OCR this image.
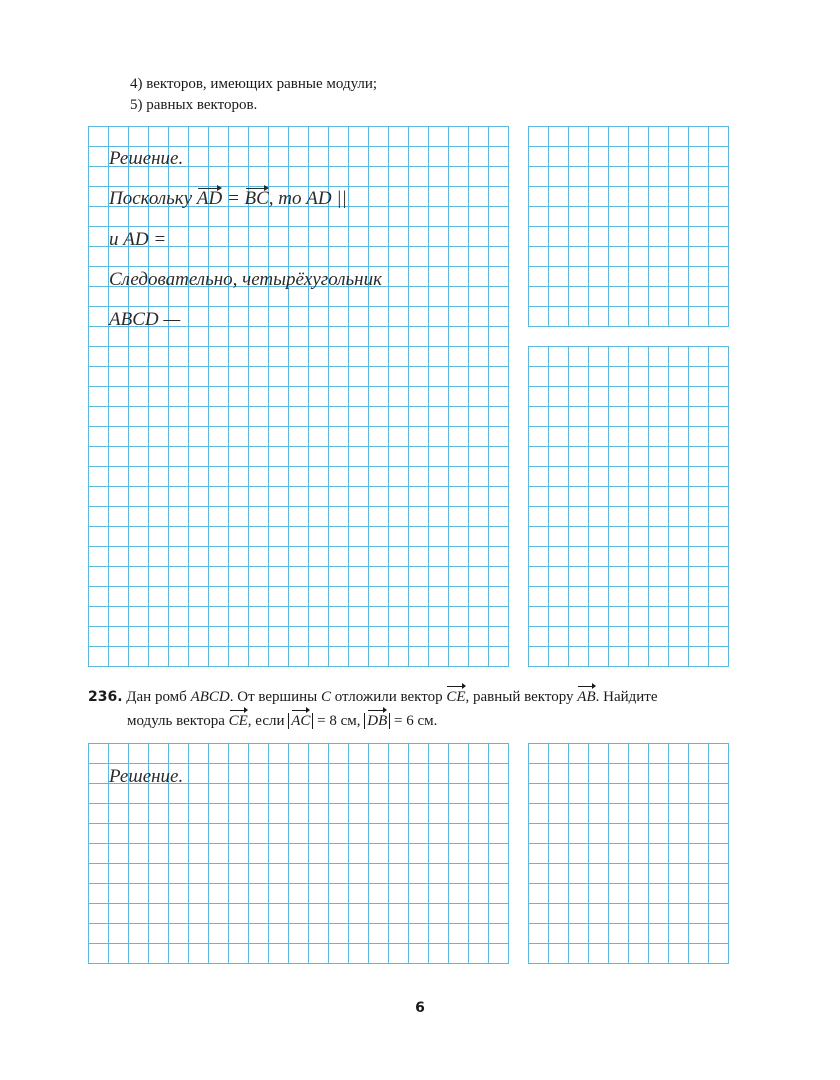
4) векторов, имеющих равные модули;
5) равных векторов.
Решение.
Поскольку AD = BC, то AD ||
и AD =
Следовательно, четырёхугольник
ABCD —
236. Дан ромб ABCD. От вершины C отложили вектор CE, равный вектору AB. Найдите
модуль вектора CE, если AC = 8 см, DB = 6 см.
Решение.
6
